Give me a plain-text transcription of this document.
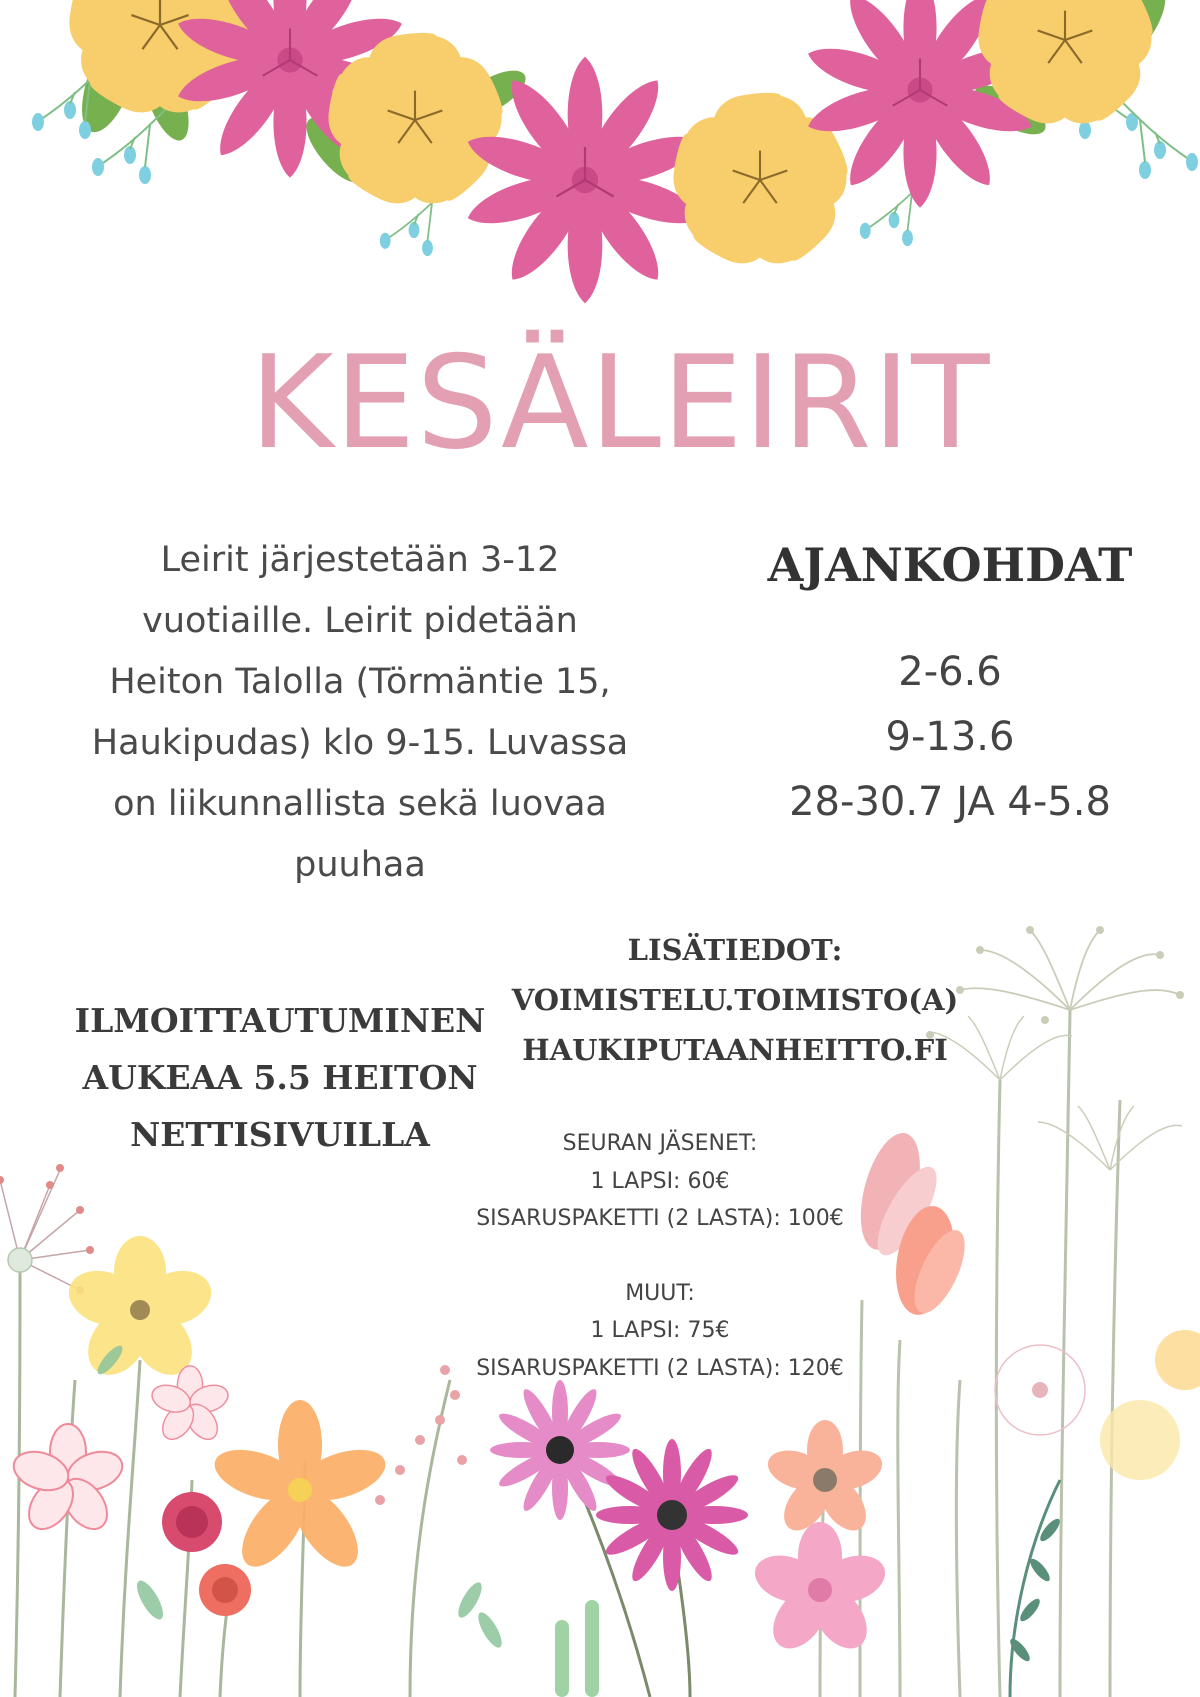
KESÄLEIRIT
Leirit järjestetään 3-12
vuotiaille. Leirit pidetään
Heiton Talolla (Törmäntie 15,
Haukipudas) klo 9-15. Luvassa
on liikunnallista sekä luovaa
puuhaa
AJANKOHDAT
2-6.6
9-13.6
28-30.7 JA 4-5.8
ILMOITTAUTUMINEN
AUKEAA 5.5 HEITON
NETTISIVUILLA
LISÄTIEDOT:
VOIMISTELU.TOIMISTO(A)
HAUKIPUTAANHEITTO.FI
SEURAN JÄSENET:
1 LAPSI: 60€
SISARUSPAKETTI (2 LASTA): 100€
MUUT:
1 LAPSI: 75€
SISARUSPAKETTI (2 LASTA): 120€
